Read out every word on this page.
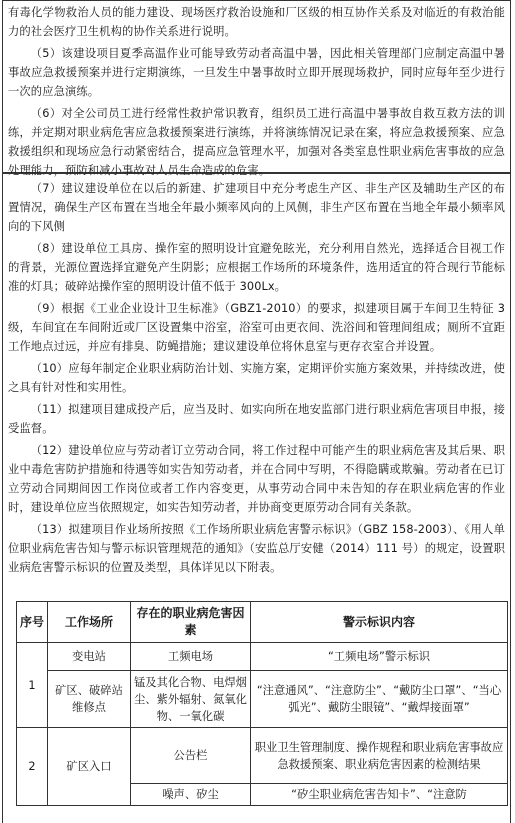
有毒化学物救治人员的能力建设、现场医疗救治设施和厂区级的相互协作关系及对临近的有救治能力的社会医疗卫生机构的协作关系进行说明。

（5）该建设项目夏季高温作业可能导致劳动者高温中暑，因此相关管理部门应制定高温中暑事故应急救援预案并进行定期演练，一旦发生中暑事故时立即开展现场救护，同时应每年至少进行一次的应急演练。

（6）对全公司员工进行经常性救护常识教育，组织员工进行高温中暑事故自救互救方法的训练，并定期对职业病危害应急救援预案进行演练，并将演练情况记录在案，将应急救援预案、应急救援组织和现场应急行动紧密结合，提高应急管理水平，加强对各类室息性职业病危害事故的应急处理能力，预防和减小事故对人员生命造成的危害。

（7）建议建设单位在以后的新建、扩建项目中充分考虑生产区、非生产区及辅助生产区的布置情况，确保生产区布置在当地全年最小频率风向的上风侧，非生产区布置在当地全年最小频率风向的下风侧

（8）建设单位工具房、操作室的照明设计宜避免眩光，充分利用自然光，选择适合目视工作的背景，光源位置选择宜避免产生阴影；应根据工作场所的环境条件，选用适宜的符合现行节能标准的灯具；破碎站操作室的照明设计值不低于 300Lx。

（9）根据《工业企业设计卫生标准》（GBZ1-2010）的要求，拟建项目属于车间卫生特征 3 级，车间宜在车间附近或厂区设置集中浴室，浴室可由更衣间、洗浴间和管理间组成；厕所不宜距工作地点过远，并应有排臭、防蝇措施；建议建设单位将休息室与更存衣室合并设置。

（10）应每年制定企业职业病防治计划、实施方案，定期评价实施方案效果，并持续改进，使之具有针对性和实用性。

（11）拟建项目建成投产后，应当及时、如实向所在地安监部门进行职业病危害项目申报，接受监督。

（12）建设单位应与劳动者订立劳动合同，将工作过程中可能产生的职业病危害及其后果、职业中毒危害防护措施和待遇等如实告知劳动者，并在合同中写明，不得隐瞒或欺骗。劳动者在已订立劳动合同期间因工作岗位或者工作内容变更，从事劳动合同中未告知的存在职业病危害的作业时，建设单位应当依照规定，如实告知劳动者，并协商变更原劳动合同有关条款。

（13）拟建项目作业场所按照《工作场所职业病危害警示标识》（GBZ 158-2003）、《用人单位职业病危害告知与警示标识管理规范的通知》（安监总厅安健（2014）111 号）的规定，设置职业病危害警示标识的位置及类型，具体详见以下附表。

序号	工作场所	存在的职业病危害因素	警示标识内容
1	变电站	工频电场	“工频电场”警示标识
	矿区、破碎站维修点	锰及其化合物、电焊烟尘、紫外辐射、氮氧化物、一氧化碳	“注意通风”、“注意防尘”、“戴防尘口罩”、“当心弧光”、戴防尘眼镜”、“戴焊接面罩”
2	矿区入口	公告栏	职业卫生管理制度、操作规程和职业病危害事故应急救援预案、职业病危害因素的检测结果
		噪声、矽尘	“矽尘职业病危害告知卡”、“注意防
